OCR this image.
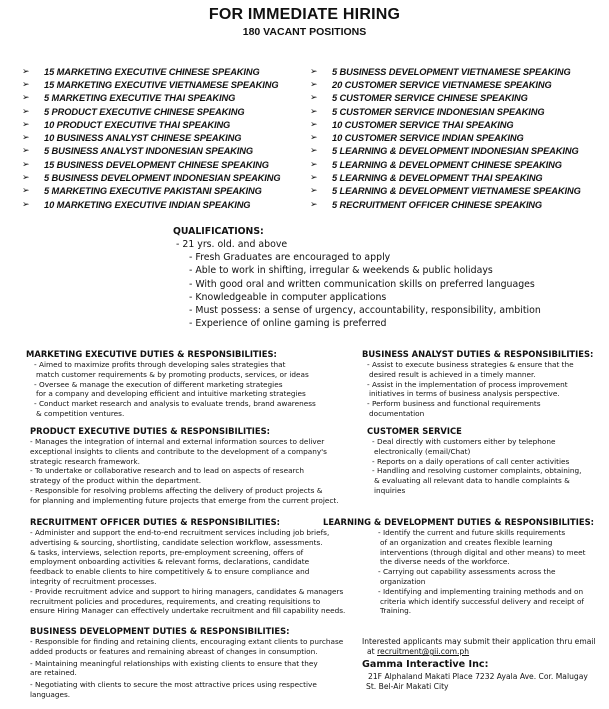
FOR IMMEDIATE HIRING
180 VACANT POSITIONS
➢	15 MARKETING EXECUTIVE CHINESE SPEAKING
➢	15 MARKETING EXECUTIVE VIETNAMESE SPEAKING
➢	5 MARKETING EXECUTIVE THAI SPEAKING
➢	5 PRODUCT EXECUTIVE CHINESE SPEAKING
➢	10 PRODUCT EXECUTIVE THAI SPEAKING
➢	10 BUSINESS ANALYST CHINESE SPEAKING
➢	5 BUSINESS ANALYST INDONESIAN SPEAKING
➢	15 BUSINESS DEVELOPMENT CHINESE SPEAKING
➢	5 BUSINESS DEVELOPMENT INDONESIAN SPEAKING
➢	5 MARKETING EXECUTIVE PAKISTANI SPEAKING
➢	10 MARKETING EXECUTIVE INDIAN SPEAKING
➢	5 BUSINESS DEVELOPMENT VIETNAMESE SPEAKING
➢	20 CUSTOMER SERVICE VIETNAMESE SPEAKING
➢	5 CUSTOMER SERVICE CHINESE SPEAKING
➢	5 CUSTOMER SERVICE INDONESIAN SPEAKING
➢	10 CUSTOMER SERVICE THAI SPEAKING
➢	10 CUSTOMER SERVICE INDIAN SPEAKING
➢	5 LEARNING & DEVELOPMENT INDONESIAN SPEAKING
➢	5 LEARNING & DEVELOPMENT CHINESE SPEAKING
➢	5 LEARNING & DEVELOPMENT THAI SPEAKING
➢	5 LEARNING & DEVELOPMENT VIETNAMESE SPEAKING
➢	5 RECRUITMENT OFFICER CHINESE SPEAKING
QUALIFICATIONS:
- 21 yrs. old. and above
- Fresh Graduates are encouraged to apply
- Able to work in shifting, irregular & weekends & public holidays
- With good oral and written communication skills on preferred languages
- Knowledgeable in computer applications
- Must possess: a sense of urgency, accountability, responsibility, ambition
- Experience of online gaming is preferred
MARKETING EXECUTIVE DUTIES & RESPONSIBILITIES:
- Aimed to maximize profits through developing sales strategies that
match customer requirements & by promoting products, services, or ideas
- Oversee & manage the execution of different marketing strategies
for a company and developing efficient and intuitive marketing strategies
- Conduct market research and analysis to evaluate trends, brand awareness
& competition ventures.
BUSINESS ANALYST DUTIES & RESPONSIBILITIES:
- Assist to execute business strategies & ensure that the
desired result is achieved in a timely manner.
- Assist in the implementation of process improvement
initiatives in terms of business analysis perspective.
- Perform business and functional requirements
documentation
PRODUCT EXECUTIVE DUTIES & RESPONSIBILITIES:
- Manages the integration of internal and external information sources to deliver
exceptional insights to clients and contribute to the development of a company's
strategic research framework.
- To undertake or collaborative research and to lead on aspects of research
strategy of the product within the department.
- Responsible for resolving problems affecting the delivery of product projects &
for planning and implementing future projects that emerge from the current project.
CUSTOMER SERVICE
- Deal directly with customers either by telephone
electronically (email/Chat)
- Reports on a daily operations of call center activities
- Handling and resolving customer complaints, obtaining,
& evaluating all relevant data to handle complaints &
inquiries
RECRUITMENT OFFICER DUTIES & RESPONSIBILITIES:
- Administer and support the end-to-end recruitment services including job briefs,
advertising & sourcing, shortlisting, candidate selection workflow, assessments.
& tasks, interviews, selection reports, pre-employment screening, offers of
employment onboarding activities & relevant forms, declarations, candidate
feedback to enable clients to hire competitively & to ensure compliance and
integrity of recruitment processes.
- Provide recruitment advice and support to hiring managers, candidates & managers
recruitment policies and procedures, requirements, and creating requisitions to
ensure Hiring Manager can effectively undertake recruitment and fill capability needs.
LEARNING & DEVELOPMENT DUTIES & RESPONSIBILITIES:
- Identify the current and future skills requirements
of an organization and creates flexible learning
interventions (through digital and other means) to meet
the diverse needs of the workforce.
- Carrying out capability assessments across the
organization
- Identifying and implementing training methods and on
criteria which identify successful delivery and receipt of
Training.
BUSINESS DEVELOPMENT DUTIES & RESPONSIBILITIES:
- Responsible for finding and retaining clients, encouraging extant clients to purchase
added products or features and remaining abreast of changes in consumption.
- Maintaining meaningful relationships with existing clients to ensure that they
are retained.
- Negotiating with clients to secure the most attractive prices using respective
languages.
Interested applicants may submit their application thru email
at recruitment@gii.com.ph
Gamma Interactive Inc:
21F Alphaland Makati Place 7232 Ayala Ave. Cor. Malugay
St. Bel-Air Makati City
